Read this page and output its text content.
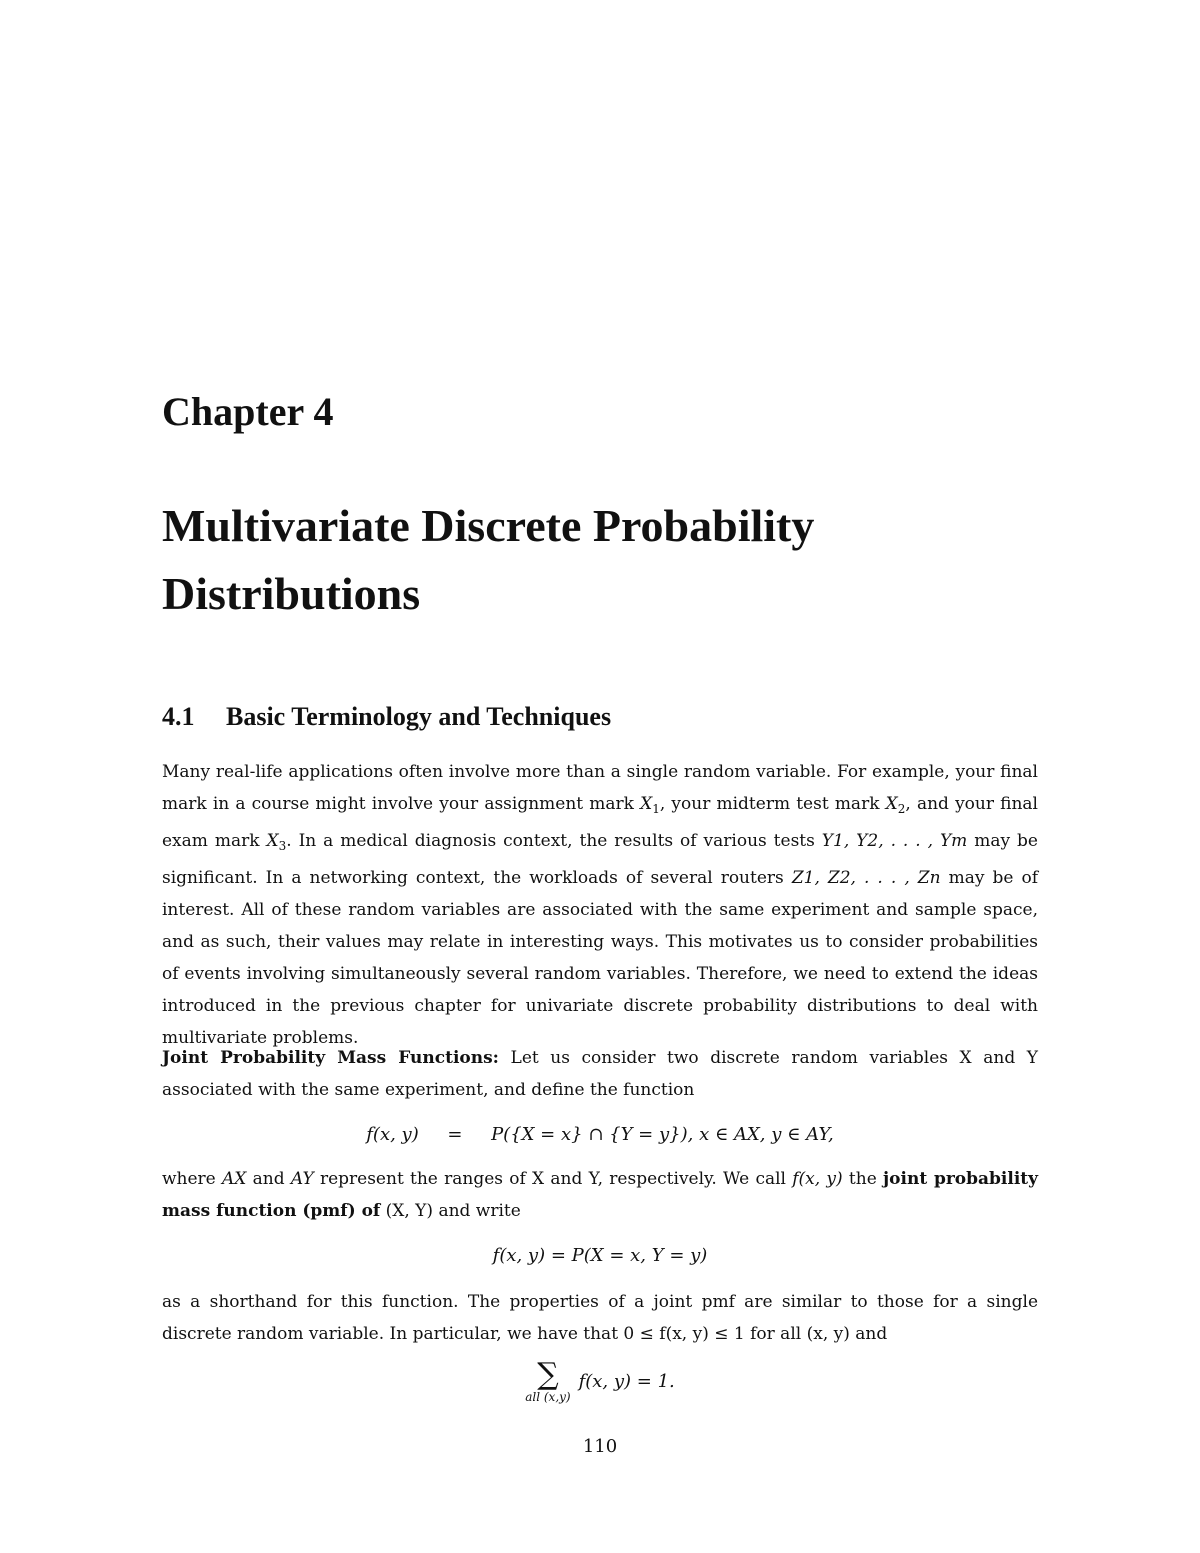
Chapter 4
Multivariate Discrete Probability
Distributions
4.1 Basic Terminology and Techniques
Many real-life applications often involve more than a single random variable. For example, your final mark in a course might involve your assignment mark $X_1$, your midterm test mark $X_2$, and your final exam mark $X_3$. In a medical diagnosis context, the results of various tests Y1, Y2, . . . , Ym may be significant. In a networking context, the workloads of several routers Z1, Z2, . . . , Zn may be of interest. All of these random variables are associated with the same experiment and sample space, and as such, their values may relate in interesting ways. This motivates us to consider probabilities of events involving simultaneously several random variables. Therefore, we need to extend the ideas introduced in the previous chapter for univariate discrete probability distributions to deal with multivariate problems.
Joint Probability Mass Functions: Let us consider two discrete random variables X and Y associated with the same experiment, and define the function
f(x, y) = P({X = x} ∩ {Y = y}), x ∈ AX, y ∈ AY,
where AX and AY represent the ranges of X and Y, respectively. We call f(x, y) the joint probability mass function (pmf) of (X, Y) and write
f(x, y) = P(X = x, Y = y)
as a shorthand for this function. The properties of a joint pmf are similar to those for a single discrete random variable. In particular, we have that 0 ≤ f(x, y) ≤ 1 for all (x, y) and
∑
all (x,y)
f(x, y) = 1.
110
